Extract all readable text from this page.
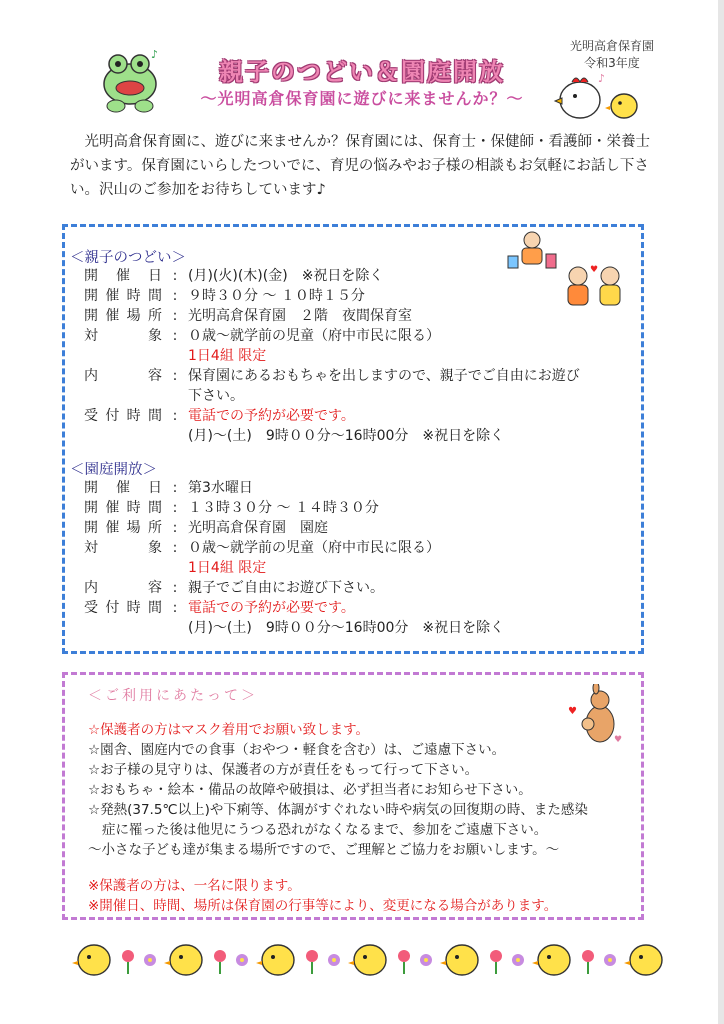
♪
光明高倉保育園
令和3年度
♪
親子のつどい＆園庭開放
～光明高倉保育園に遊びに来ませんか？～
光明高倉保育園に、遊びに来ませんか？保育園には、保育士・保健師・看護師・栄養士がいます。保育園にいらしたついでに、育児の悩みやお子様の相談もお気軽にお話し下さい。沢山のご参加をお待ちしています♪
＜親子のつどい＞
♥
開催日 : (月)(火)(木)(金)　※祝日を除く
開催時間 : ９時３０分 ～ １０時１５分
開催場所 : 光明高倉保育園　２階　夜間保育室
対象 : ０歳～就学前の児童（府中市民に限る）
1日4組 限定
内容 : 保育園にあるおもちゃを出しますので、親子でご自由にお遊び
下さい。
受付時間 : 電話での予約が必要です。
(月)～(土)　9時００分～16時00分　※祝日を除く
＜園庭開放＞
開催日 : 第3水曜日
開催時間 : １３時３０分 ～ １４時３０分
開催場所 : 光明高倉保育園　園庭
対象 : ０歳～就学前の児童（府中市民に限る）
1日4組 限定
内容 : 親子でご自由にお遊び下さい。
受付時間 : 電話での予約が必要です。
(月)～(土)　9時００分～16時00分　※祝日を除く
♥
♥
＜ご利用にあたって＞
☆保護者の方はマスク着用でお願い致します。
☆園舎、園庭内での食事（おやつ・軽食を含む）は、ご遠慮下さい。
☆お子様の見守りは、保護者の方が責任をもって行って下さい。
☆おもちゃ・絵本・備品の故障や破損は、必ず担当者にお知らせ下さい。
☆発熱(37.5℃以上)や下痢等、体調がすぐれない時や病気の回復期の時、また感染
症に罹った後は他児にうつる恐れがなくなるまで、参加をご遠慮下さい。
～小さな子ども達が集まる場所ですので、ご理解とご協力をお願いします。～
※保護者の方は、一名に限ります。
※開催日、時間、場所は保育園の行事等により、変更になる場合があります。
